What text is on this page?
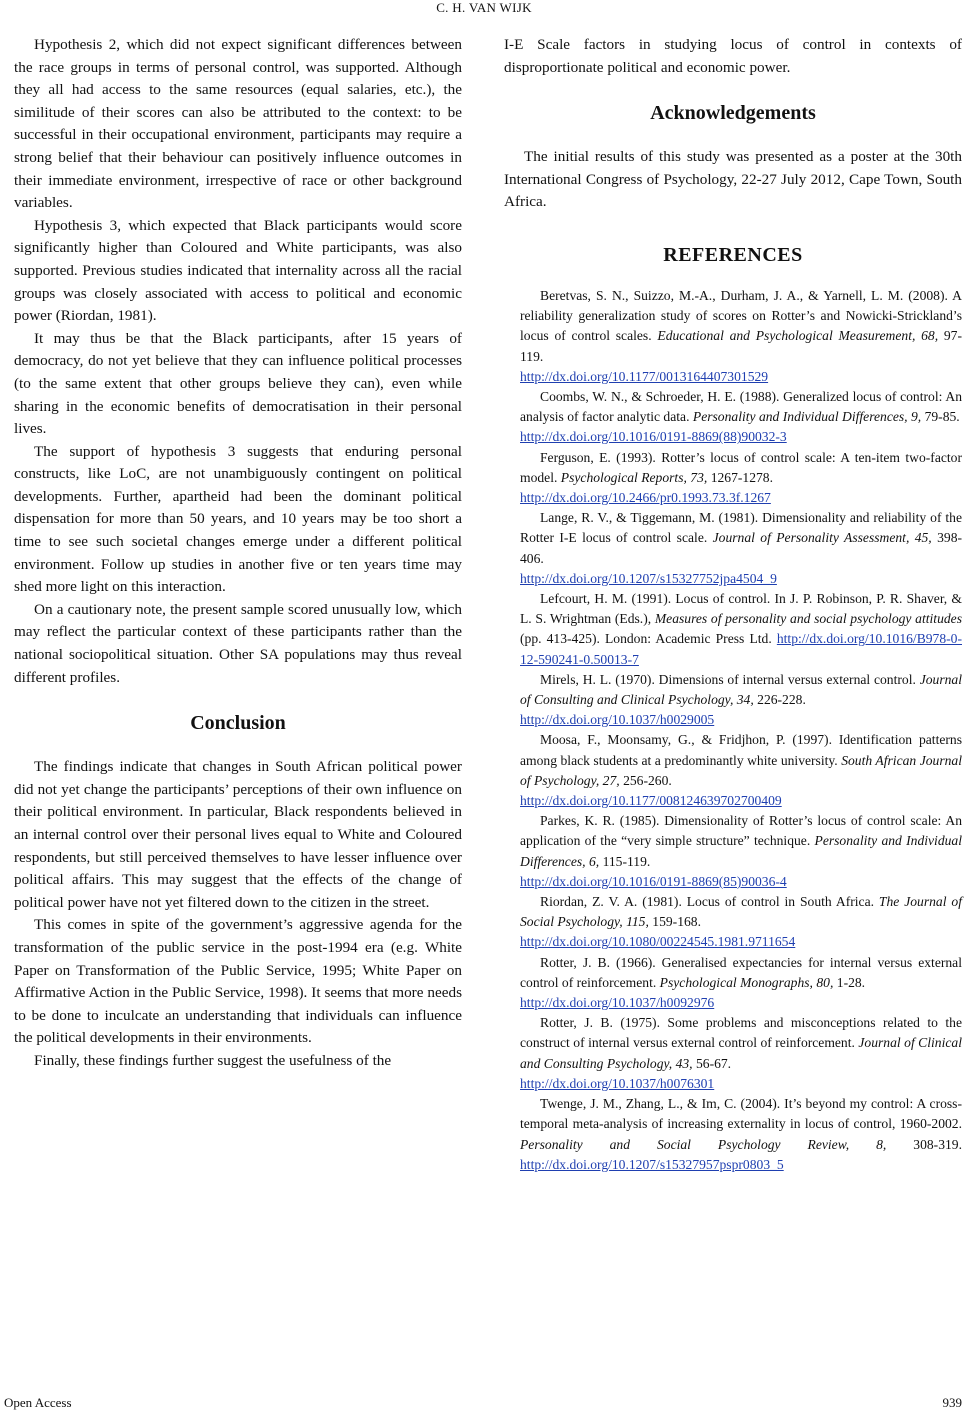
C. H. VAN WIJK

Hypothesis 2, which did not expect significant differences between the race groups in terms of personal control, was supported. Although they all had access to the same resources (equal salaries, etc.), the similitude of their scores can also be attributed to the context: to be successful in their occupational environment, participants may require a strong belief that their behaviour can positively influence outcomes in their immediate environment, irrespective of race or other background variables.

Hypothesis 3, which expected that Black participants would score significantly higher than Coloured and White participants, was also supported. Previous studies indicated that internality across all the racial groups was closely associated with access to political and economic power (Riordan, 1981).

It may thus be that the Black participants, after 15 years of democracy, do not yet believe that they can influence political processes (to the same extent that other groups believe they can), even while sharing in the economic benefits of democratisation in their personal lives.

The support of hypothesis 3 suggests that enduring personal constructs, like LoC, are not unambiguously contingent on political developments. Further, apartheid had been the dominant political dispensation for more than 50 years, and 10 years may be too short a time to see such societal changes emerge under a different political environment. Follow up studies in another five or ten years time may shed more light on this interaction.

On a cautionary note, the present sample scored unusually low, which may reflect the particular context of these participants rather than the national sociopolitical situation. Other SA populations may thus reveal different profiles.

Conclusion

The findings indicate that changes in South African political power did not yet change the participants’ perceptions of their own influence on their political environment. In particular, Black respondents believed in an internal control over their personal lives equal to White and Coloured respondents, but still perceived themselves to have lesser influence over political affairs. This may suggest that the effects of the change of political power have not yet filtered down to the citizen in the street.

This comes in spite of the government’s aggressive agenda for the transformation of the public service in the post-1994 era (e.g. White Paper on Transformation of the Public Service, 1995; White Paper on Affirmative Action in the Public Service, 1998). It seems that more needs to be done to inculcate an understanding that individuals can influence the political developments in their environments.

Finally, these findings further suggest the usefulness of the

I-E Scale factors in studying locus of control in contexts of disproportionate political and economic power.

Acknowledgements

The initial results of this study was presented as a poster at the 30th International Congress of Psychology, 22-27 July 2012, Cape Town, South Africa.

REFERENCES

Beretvas, S. N., Suizzo, M.-A., Durham, J. A., & Yarnell, L. M. (2008). A reliability generalization study of scores on Rotter’s and Nowicki-Strickland’s locus of control scales. Educational and Psychological Measurement, 68, 97-119.
http://dx.doi.org/10.1177/0013164407301529

Coombs, W. N., & Schroeder, H. E. (1988). Generalized locus of control: An analysis of factor analytic data. Personality and Individual Differences, 9, 79-85.
http://dx.doi.org/10.1016/0191-8869(88)90032-3

Ferguson, E. (1993). Rotter’s locus of control scale: A ten-item two-factor model. Psychological Reports, 73, 1267-1278.
http://dx.doi.org/10.2466/pr0.1993.73.3f.1267

Lange, R. V., & Tiggemann, M. (1981). Dimensionality and reliability of the Rotter I-E locus of control scale. Journal of Personality Assessment, 45, 398-406.
http://dx.doi.org/10.1207/s15327752jpa4504_9

Lefcourt, H. M. (1991). Locus of control. In J. P. Robinson, P. R. Shaver, & L. S. Wrightman (Eds.), Measures of personality and social psychology attitudes (pp. 413-425). London: Academic Press Ltd. http://dx.doi.org/10.1016/B978-0-12-590241-0.50013-7

Mirels, H. L. (1970). Dimensions of internal versus external control. Journal of Consulting and Clinical Psychology, 34, 226-228.
http://dx.doi.org/10.1037/h0029005

Moosa, F., Moonsamy, G., & Fridjhon, P. (1997). Identification patterns among black students at a predominantly white university. South African Journal of Psychology, 27, 256-260.
http://dx.doi.org/10.1177/008124639702700409

Parkes, K. R. (1985). Dimensionality of Rotter’s locus of control scale: An application of the “very simple structure” technique. Personality and Individual Differences, 6, 115-119.
http://dx.doi.org/10.1016/0191-8869(85)90036-4

Riordan, Z. V. A. (1981). Locus of control in South Africa. The Journal of Social Psychology, 115, 159-168.
http://dx.doi.org/10.1080/00224545.1981.9711654

Rotter, J. B. (1966). Generalised expectancies for internal versus external control of reinforcement. Psychological Monographs, 80, 1-28.
http://dx.doi.org/10.1037/h0092976

Rotter, J. B. (1975). Some problems and misconceptions related to the construct of internal versus external control of reinforcement. Journal of Clinical and Consulting Psychology, 43, 56-67.
http://dx.doi.org/10.1037/h0076301

Twenge, J. M., Zhang, L., & Im, C. (2004). It’s beyond my control: A cross-temporal meta-analysis of increasing externality in locus of control, 1960-2002. Personality and Social Psychology Review, 8, 308-319. http://dx.doi.org/10.1207/s15327957pspr0803_5

Open Access	939
